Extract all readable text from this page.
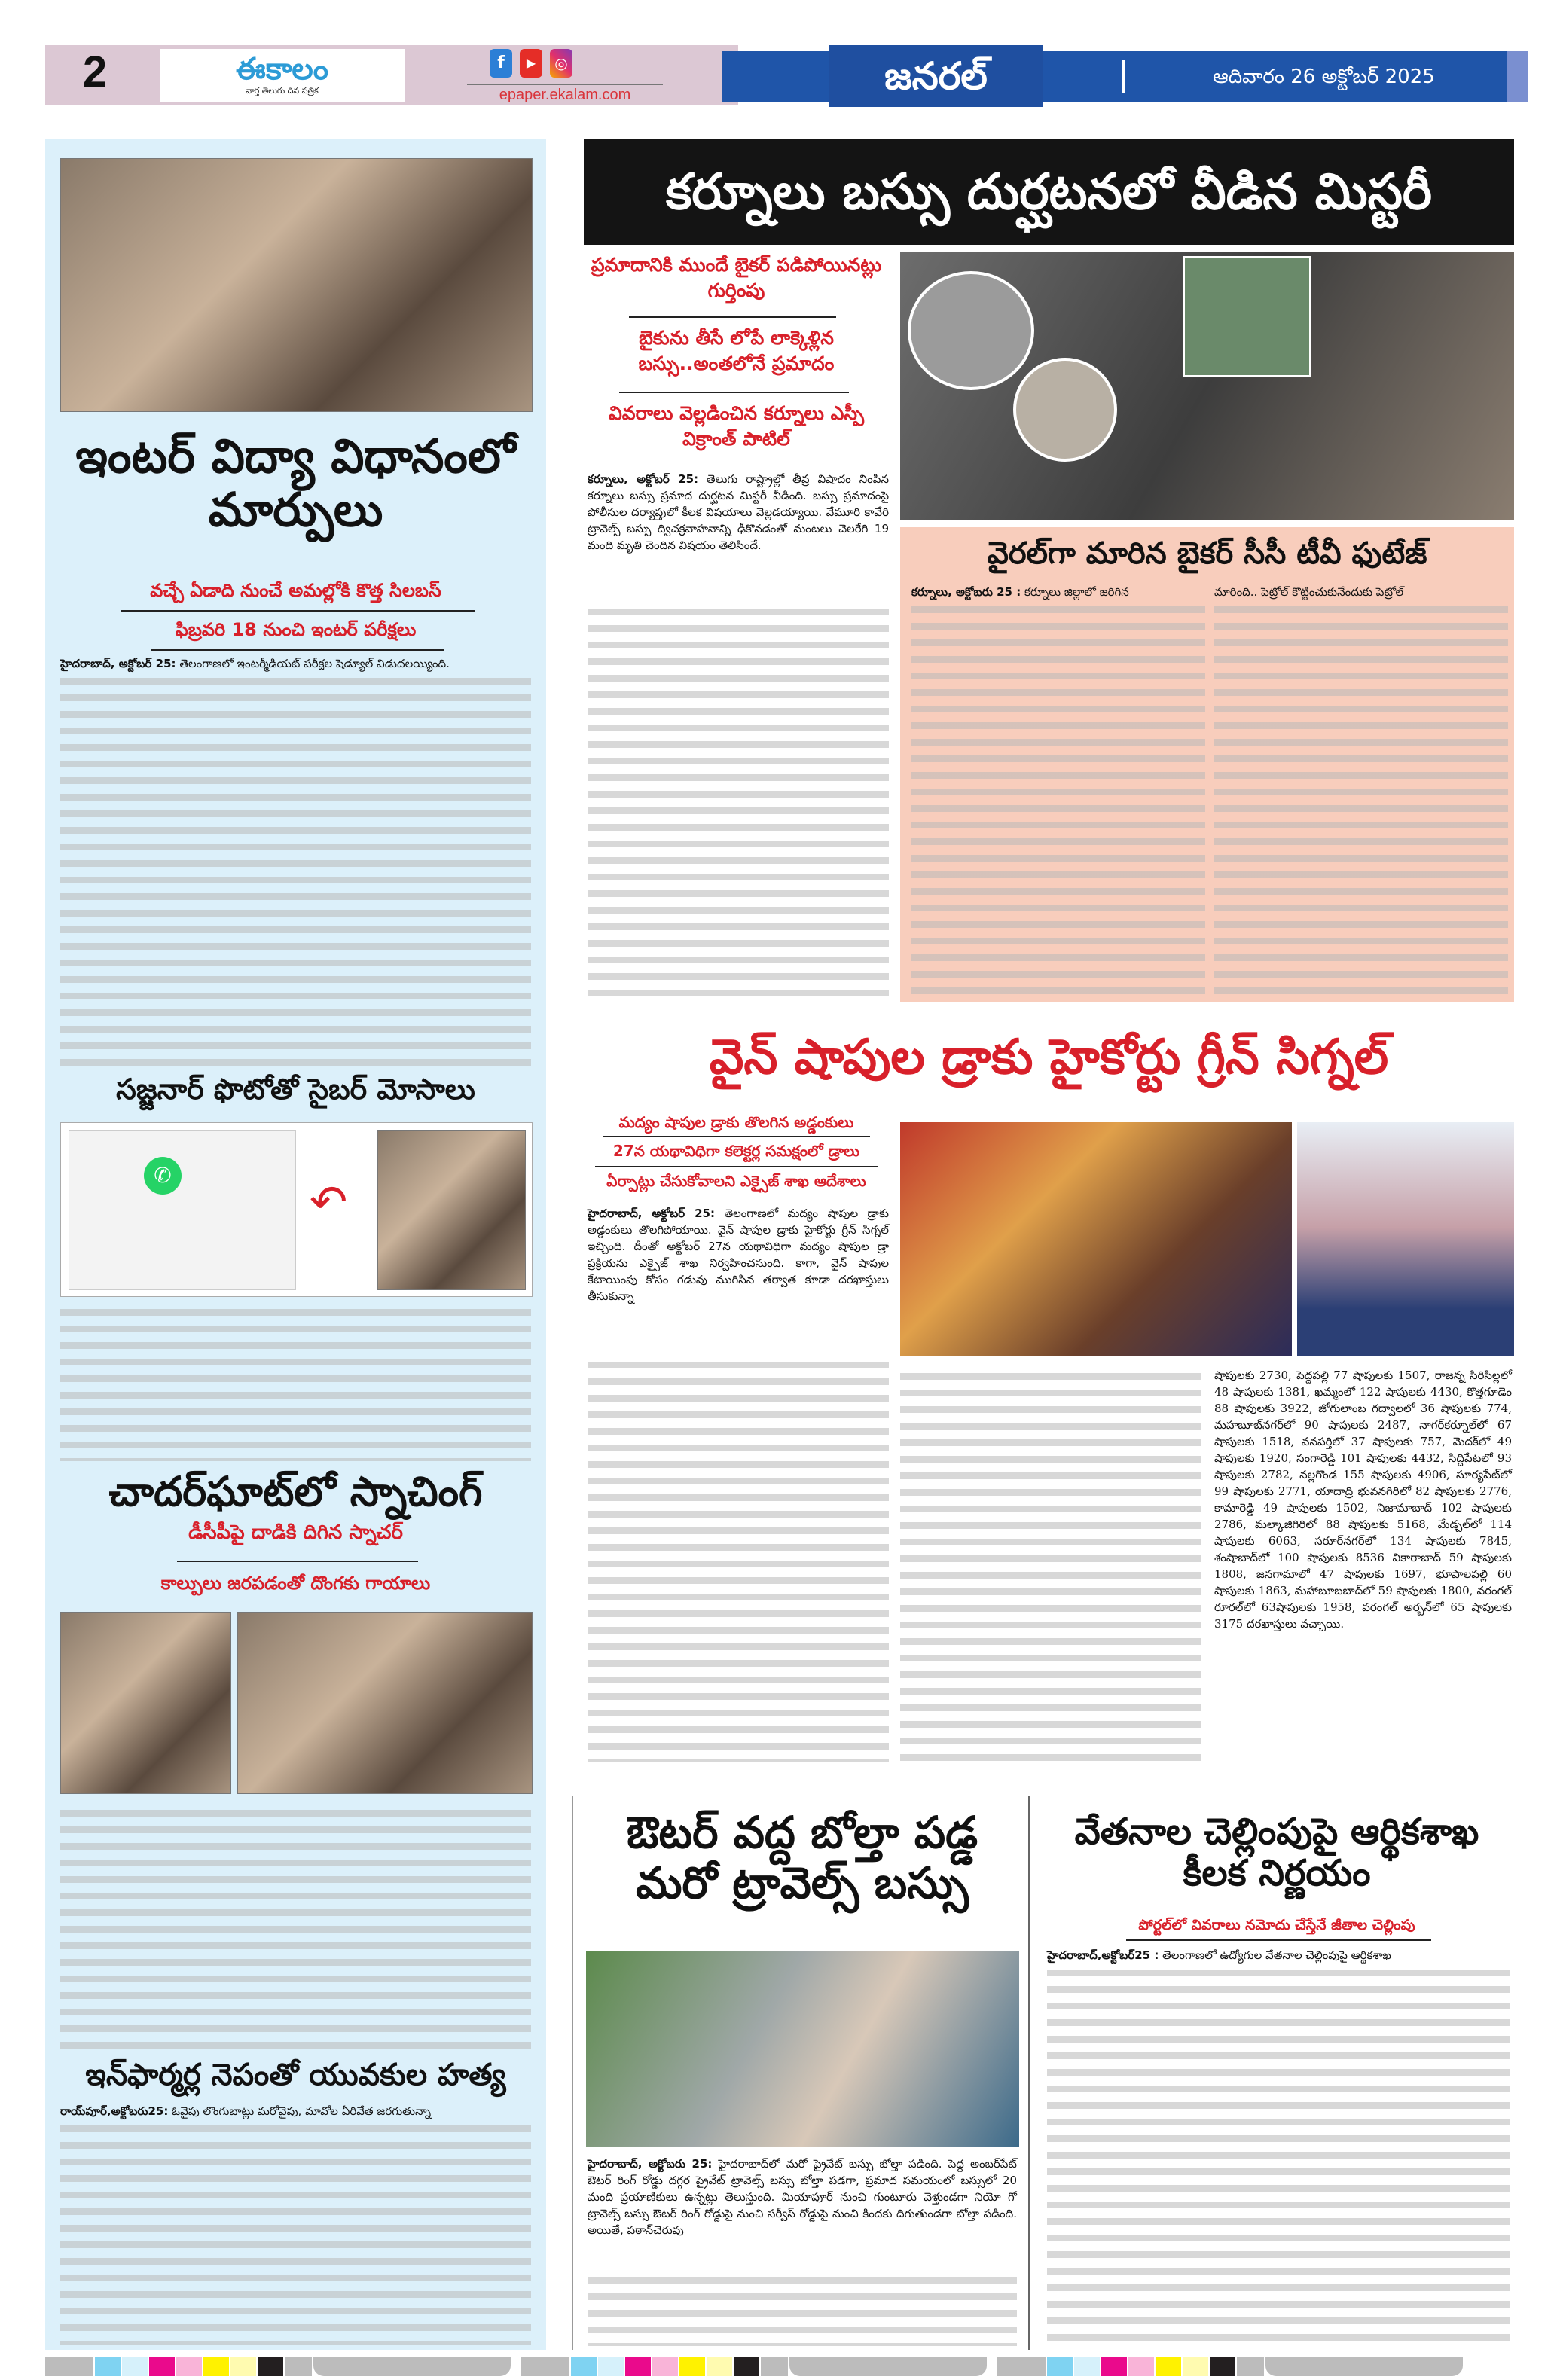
2	ఈకాలం
వార్త తెలుగు దిన పత్రిక
f	▶	◎
epaper.ekalam.com	జనరల్	ఆదివారం 26 అక్టోబర్ 2025
ఇంటర్ విద్యా విధానంలో మార్పులు
వచ్చే ఏడాది నుంచే అమల్లోకి కొత్త సిలబస్
ఫిబ్రవరి 18 నుంచి ఇంటర్ పరీక్షలు
హైదరాబాద్, అక్టోబర్ 25: తెలంగాణలో ఇంటర్మీడియట్ పరీక్షల షెడ్యూల్ విడుదలయ్యింది.
సజ్జనార్ ఫొటోతో సైబర్ మోసాలు
✆
↶
చాదర్‌ఘాట్‌లో స్నాచింగ్
డీసీపీపై దాడికి దిగిన స్నాచర్
కాల్పులు జరపడంతో దొంగకు గాయాలు
ఇన్‌ఫార్మర్ల నెపంతో యువకుల హత్య
రాయ్‌పూర్,అక్టోబరు25: ఓవైపు లొంగుబాట్లు మరోవైపు, మావోల ఏరివేత జరగుతున్నా
కర్నూలు బస్సు దుర్ఘటనలో వీడిన మిస్టరీ
ప్రమాదానికి ముందే బైకర్ పడిపోయినట్లు గుర్తింపు
బైకును తీసే లోపే లాక్కెళ్లిన బస్సు..అంతలోనే ప్రమాదం
వివరాలు వెల్లడించిన కర్నూలు ఎస్పీ విక్రాంత్ పాటిల్
కర్నూలు, అక్టోబర్ 25: తెలుగు రాష్ట్రాల్లో తీవ్ర విషాదం నింపిన కర్నూలు బస్సు ప్రమాద దుర్ఘటన మిస్టరీ వీడింది. బస్సు ప్రమాదంపై పోలీసుల దర్యాప్తులో కీలక విషయాలు వెల్లడయ్యాయి. వేమూరి కావేరి ట్రావెల్స్ బస్సు ద్విచక్రవాహనాన్ని ఢీకొనడంతో మంటలు చెలరేగి 19 మంది మృతి చెందిన విషయం తెలిసిందే.	వైరల్‌గా మారిన బైకర్ సీసీ టీవీ ఫుటేజ్
కర్నూలు, అక్టోబరు 25 : కర్నూలు జిల్లాలో జరిగిన	మారింది.. పెట్రోల్ కొట్టించుకునేందుకు పెట్రోల్
వైన్ షాపుల డ్రాకు హైకోర్టు గ్రీన్ సిగ్నల్
మద్యం షాపుల డ్రాకు తొలగిన అడ్డంకులు
27న యథావిధిగా కలెక్టర్ల సమక్షంలో డ్రాలు
ఏర్పాట్లు చేసుకోవాలని ఎక్సైజ్ శాఖ ఆదేశాలు
హైదరాబాద్, అక్టోబర్ 25: తెలంగాణలో మద్యం షాపుల డ్రాకు అడ్డంకులు తొలగిపోయాయి. వైన్ షాపుల డ్రాకు హైకోర్టు గ్రీన్ సిగ్నల్ ఇచ్చింది. దీంతో అక్టోబర్ 27న యథావిధిగా మద్యం షాపుల డ్రా ప్రక్రియను ఎక్సైజ్ శాఖ నిర్వహించనుంది. కాగా, వైన్ షాపుల కేటాయింపు కోసం గడువు ముగిసిన తర్వాత కూడా దరఖాస్తులు తీసుకున్నా
షాపులకు 2730, పెద్దపల్లి 77 షాపులకు 1507, రాజన్న సిరిసిల్లలో 48 షాపులకు 1381, ఖమ్మంలో 122 షాపులకు 4430, కొత్తగూడెం 88 షాపులకు 3922, జోగులాంబ గద్వాలలో 36 షాపులకు 774, మహబూబ్‌నగర్‌లో 90 షాపులకు 2487, నాగర్‌కర్నూల్‌లో 67 షాపులకు 1518, వనపర్తిలో 37 షాపులకు 757, మెదక్‌లో 49 షాపులకు 1920, సంగారెడ్డి 101 షాపులకు 4432, సిద్దిపేటలో 93 షాపులకు 2782, నల్లగొండ 155 షాపులకు 4906, సూర్యపేట్‌లో 99 షాపులకు 2771, యాదాద్రి భువనగిరిలో 82 షాపులకు 2776, కామారెడ్డి 49 షాపులకు 1502, నిజామాబాద్ 102 షాపులకు 2786, మల్కాజిగిరిలో 88 షాపులకు 5168, మేడ్చల్‌లో 114 షాపులకు 6063, సరూర్‌నగర్‌లో 134 షాపులకు 7845, శంషాబాద్‌లో 100 షాపులకు 8536 వికారాబాద్ 59 షాపులకు 1808, జనగామాలో 47 షాపులకు 1697, భూపాలపల్లి 60 షాపులకు 1863, మహాబూబబాద్‌లో 59 షాపులకు 1800, వరంగల్ రూరల్‌లో 63షాపులకు 1958, వరంగల్ అర్బన్‌లో 65 షాపులకు 3175 దరఖాస్తులు వచ్చాయి.
ఔటర్ వద్ద బోల్తా పడ్డ మరో ట్రావెల్స్ బస్సు
హైదరాబాద్, అక్టోబరు 25: హైదరాబాద్‌లో మరో ప్రైవేట్ బస్సు బోల్తా పడింది. పెద్ద అంబర్‌పేట్ ఔటర్ రింగ్ రోడ్డు దగ్గర ప్రైవేట్ ట్రావెల్స్ బస్సు బోల్తా పడగా, ప్రమాద సమయంలో బస్సులో 20 మంది ప్రయాణికులు ఉన్నట్లు తెలుస్తుంది. మియాపూర్ నుంచి గుంటూరు వెళ్తుండగా నియో గో ట్రావెల్స్ బస్సు ఔటర్ రింగ్ రోడ్డుపై నుంచి సర్వీస్ రోడ్డుపై నుంచి కిందకు దిగుతుండగా బోల్తా పడింది. అయితే, పఠాన్‌చెరువు
వేతనాల చెల్లింపుపై ఆర్థికశాఖ కీలక నిర్ణయం
పోర్టల్‌లో వివరాలు నమోదు చేస్తేనే జీతాల చెల్లింపు
హైదరాబాద్,అక్టోబర్25 : తెలంగాణలో ఉద్యోగుల వేతనాల చెల్లింపుపై ఆర్థికశాఖ
